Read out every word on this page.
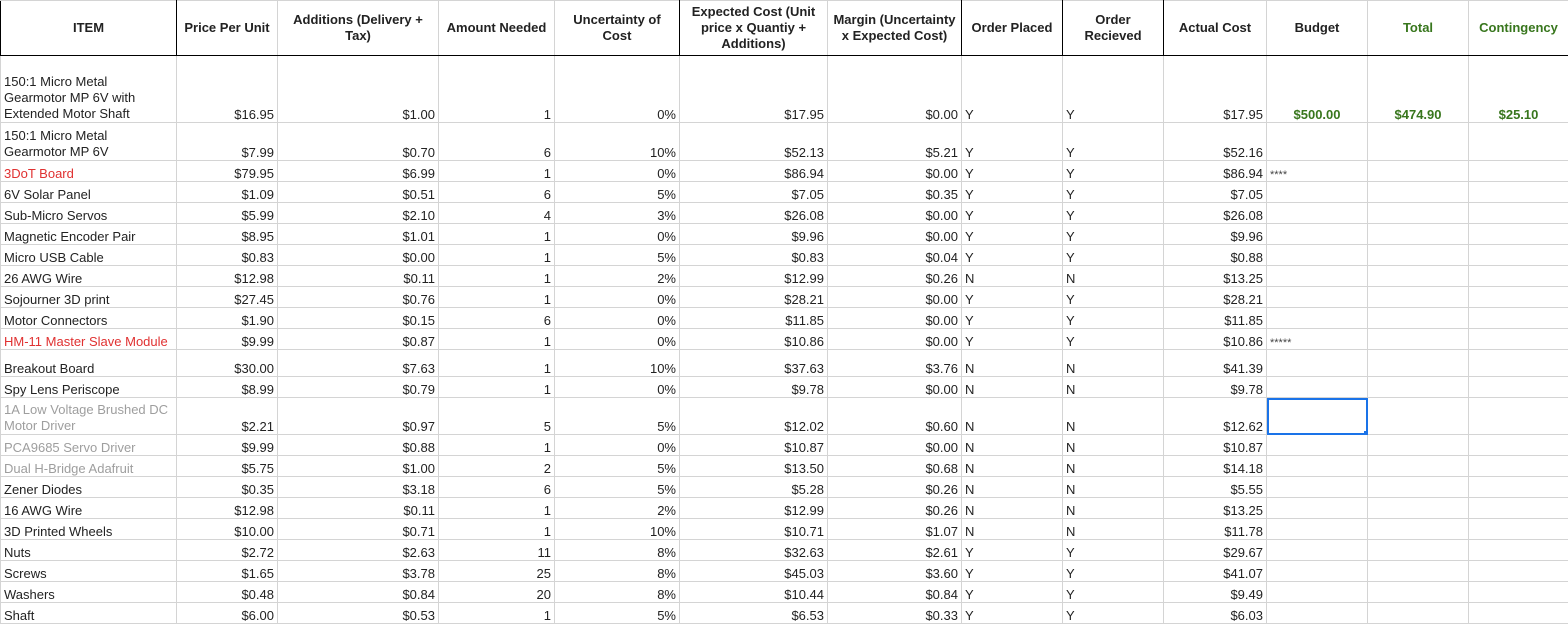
ITEM	Price Per Unit	Additions (Delivery + Tax)	Amount Needed	Uncertainty of Cost	Expected Cost (Unit price x Quantiy + Additions)	Margin (Uncertainty x Expected Cost)	Order Placed	Order Recieved	Actual Cost	Budget	Total	Contingency
150:1 Micro Metal Gearmotor MP 6V with Extended Motor Shaft	$16.95	$1.00	1	0%	$17.95	$0.00	Y	Y	$17.95	$500.00	$474.90	$25.10
150:1 Micro Metal Gearmotor MP 6V	$7.99	$0.70	6	10%	$52.13	$5.21	Y	Y	$52.16			
3DoT Board	$79.95	$6.99	1	0%	$86.94	$0.00	Y	Y	$86.94	****		
6V Solar Panel	$1.09	$0.51	6	5%	$7.05	$0.35	Y	Y	$7.05			
Sub-Micro Servos	$5.99	$2.10	4	3%	$26.08	$0.00	Y	Y	$26.08			
Magnetic Encoder Pair	$8.95	$1.01	1	0%	$9.96	$0.00	Y	Y	$9.96			
Micro USB Cable	$0.83	$0.00	1	5%	$0.83	$0.04	Y	Y	$0.88			
26 AWG Wire	$12.98	$0.11	1	2%	$12.99	$0.26	N	N	$13.25			
Sojourner 3D print	$27.45	$0.76	1	0%	$28.21	$0.00	Y	Y	$28.21			
Motor Connectors	$1.90	$0.15	6	0%	$11.85	$0.00	Y	Y	$11.85			
HM-11 Master Slave Module	$9.99	$0.87	1	0%	$10.86	$0.00	Y	Y	$10.86	*****		
Breakout Board	$30.00	$7.63	1	10%	$37.63	$3.76	N	N	$41.39			
Spy Lens Periscope	$8.99	$0.79	1	0%	$9.78	$0.00	N	N	$9.78			
1A Low Voltage Brushed DC Motor Driver	$2.21	$0.97	5	5%	$12.02	$0.60	N	N	$12.62			
PCA9685 Servo Driver	$9.99	$0.88	1	0%	$10.87	$0.00	N	N	$10.87			
Dual H-Bridge Adafruit	$5.75	$1.00	2	5%	$13.50	$0.68	N	N	$14.18			
Zener Diodes	$0.35	$3.18	6	5%	$5.28	$0.26	N	N	$5.55			
16 AWG Wire	$12.98	$0.11	1	2%	$12.99	$0.26	N	N	$13.25			
3D Printed Wheels	$10.00	$0.71	1	10%	$10.71	$1.07	N	N	$11.78			
Nuts	$2.72	$2.63	11	8%	$32.63	$2.61	Y	Y	$29.67			
Screws	$1.65	$3.78	25	8%	$45.03	$3.60	Y	Y	$41.07			
Washers	$0.48	$0.84	20	8%	$10.44	$0.84	Y	Y	$9.49			
Shaft	$6.00	$0.53	1	5%	$6.53	$0.33	Y	Y	$6.03			
